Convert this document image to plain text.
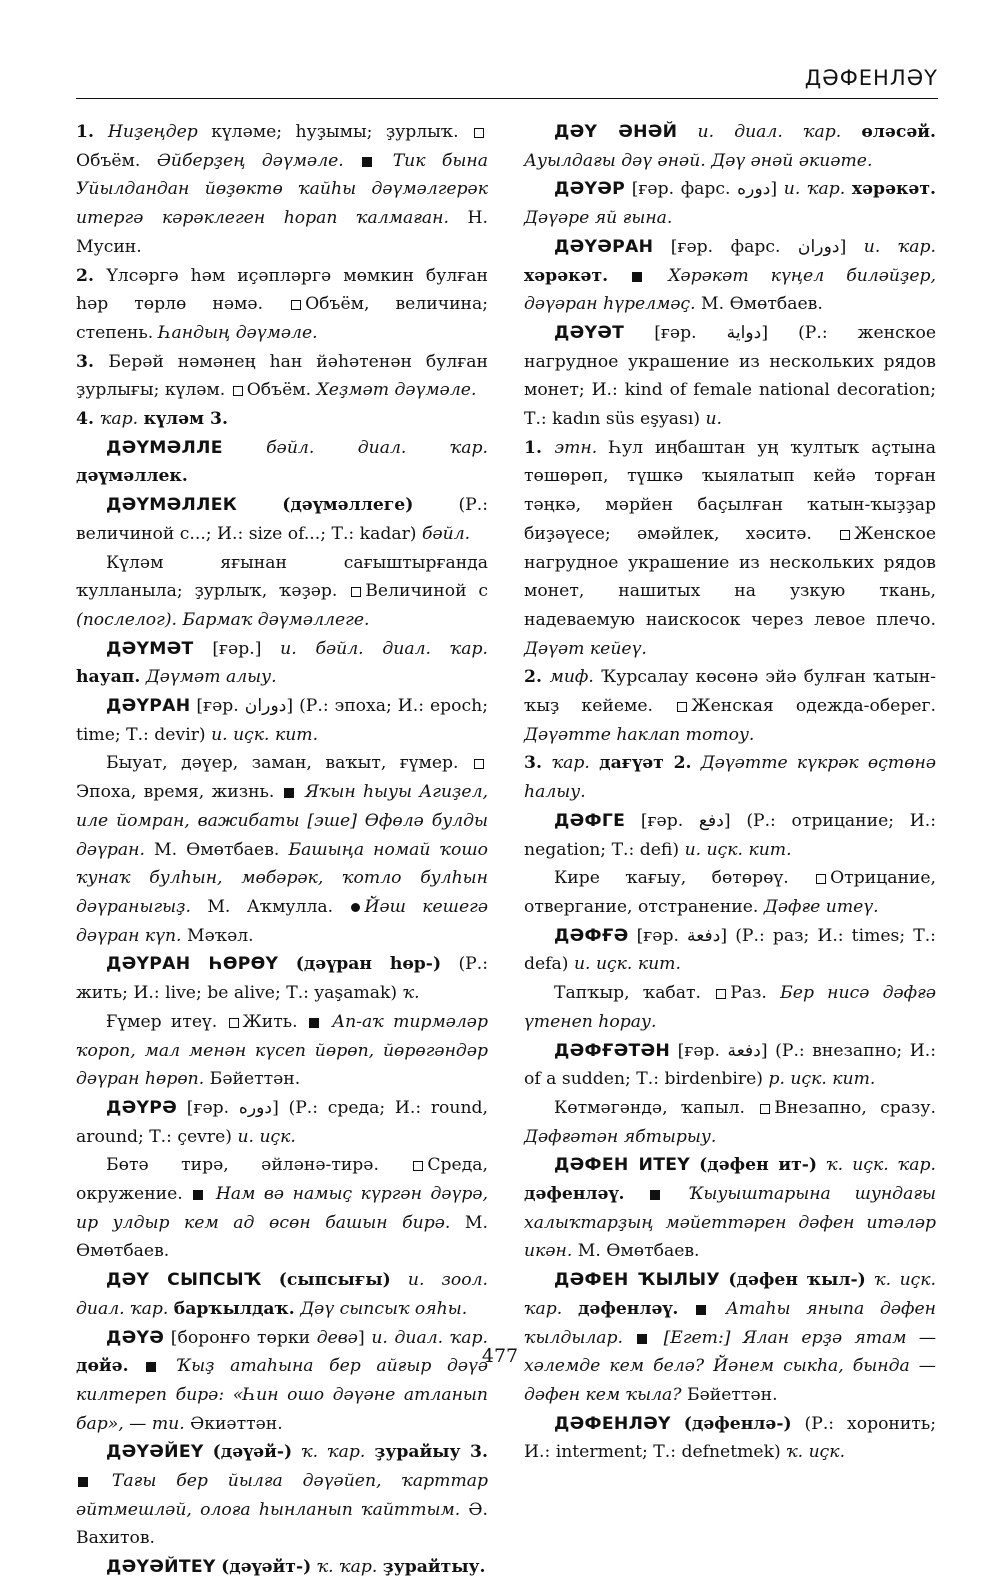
ДӘФЕНЛӘҮ

1. Ниҙеңдер күләме; һуҙымы; ҙурлыҡ. Объём. Әйберҙең дәүмәле.	Тик бына Уйылдандан йөҙөктө ҡайһы дәүмәлгерәк итергә кәрәклеген һорап ҡалмаған. Н. Мусин.

2. Үлсәргә һәм иҫәпләргә мөмкин булған һәр төрлө нәмә. Объём, величина; степень. Һандың дәүмәле.

3. Берәй нәмәнең һан йәһәтенән булған ҙурлығы; күләм. Объём. Хеҙмәт дәүмәле.

4. ҡар. күләм 3.

ДӘҮМӘЛЛЕ	бәйл. диал. ҡар. дәүмәллек.

ДӘҮМӘЛЛЕК	(дәүмәллеге) (Р.: величиной с...; И.: size of...; Т.: kadar) бәйл.

Күләм яғынан сағыштырғанда ҡулланыла; ҙурлыҡ, ҡәҙәр. Величиной с (послелог). Бармаҡ дәүмәллеге.

ДӘҮМӘТ [ғәр.] и. бәйл. диал. ҡар. һауап. Дәүмәт алыу.

ДӘҮРАН [ғәр. دوران] (Р.: эпоха; И.: epoch; time; Т.: devir) и. иҫк. кит.

Быуат, дәүер, заман, ваҡыт, ғүмер. Эпоха, время, жизнь.  Яҡын һыуы Агиҙел, иле йомран, важибаты [эше] Өфөлә булды дәүран. М. Өмөтбаев. Башыңа номай ҡошо ҡунаҡ булһын, мөбәрәк, ҡотло булһын дәүраныгыҙ. М. Аҡмулла. Йәш кешегә дәүран күп. Мәҡәл.

ДӘҮРАН ҺӨРӨҮ (дәүран һөр-) (Р.: жить; И.: live; be alive; Т.: yaşamak) ҡ.

Ғүмер итеү. Жить.  Ап-аҡ тирмәләр ҡороп, мал менән күсеп йөрөп, йөрөгәндәр дәүран һөрөп. Бәйеттән.

ДӘҮРӘ [ғәр. دوره] (Р.: среда; И.: round, around; Т.: çevre) и. иҫк.

Бөтә тирә, әйләнә-тирә. Среда, окружение.  Нам вә намыҫ күргән дәүрә, ир улдыр кем ад өсөн башын бирә. М. Өмөтбаев.

ДӘҮ СЫПСЫҠ (сыпсығы) и. зоол. диал. ҡар. барҡылдаҡ. Дәү сыпсыҡ ояһы.

ДӘҮӘ [боронғо төрки девә] и. диал. ҡар. дөйә.	Ҡыҙ атаһына бер айғыр дәүә килтереп бирә: «Һин ошо дәүәне атланып бар», — ти. Әкиәттән.

ДӘҮӘЙЕҮ (дәүәй-) ҡ. ҡар. ҙурайыу 3.  Тағы бер йылға дәүәйеп, ҡарттар әйтмешләй, олоға һынланып ҡайттым. Ә. Вахитов.

ДӘҮӘЙТЕҮ (дәүәйт-) ҡ. ҡар. ҙурайтыу.

ДӘҮ ӘНӘЙ и. диал. ҡар. өләсәй. Ауылдағы дәү әнәй. Дәү әнәй әкиәте.

ДӘҮӘР [ғәр. фарс. دوره] и. ҡар. хәрәкәт. Дәүәре яй ғына.

ДӘҮӘРАН [ғәр. фарс. دوران] и. ҡар. хәрәкәт.	Хәрәкәт күңел биләйҙер, дәүәран һүрелмәҫ. М. Өмөтбаев.

ДӘҮӘТ [ғәр. دواية] (Р.: женское нагрудное украшение из нескольких рядов монет; И.: kind of female national decoration; Т.: kadın süs eşyası) и.

1. этн. Һул иңбаштан уң ҡултыҡ аҫтына төшөрөп, түшкә ҡыялатып кейә торған тәңкә, мәрйен баҫылған ҡатын-ҡыҙҙар биҙәүесе; әмәйлек, хәситә. Женское нагрудное украшение из нескольких рядов монет, нашитых на узкую ткань, надеваемую наискосок через левое плечо. Дәүәт кейеү.

2. миф. Ҡурсалау көсөнә эйә булған ҡатын-ҡыҙ кейеме. Женская одежда-оберег. Дәүәтте һаклап тотоу.

3. ҡар. дағүәт 2. Дәүәтте күкрәк өҫтөнә һалыу.

ДӘФГЕ [ғәр. دفع] (Р.: отрицание; И.: negation; Т.: defi) и. иҫк. кит.

Кире ҡағыу, бөтөрөү. Отрицание, отвергание, отстранение. Дәфғе итеү.

ДӘФҒӘ [ғәр. دفعة] (Р.: раз; И.: times; Т.: defa) и. иҫк. кит.

Тапҡыр, ҡабат. Раз. Бер нисә дәфғә үтенеп һорау.

ДӘФҒӘТӘН [ғәр. دفعة] (Р.: внезапно; И.: of a sudden; Т.: birdenbire) р. иҫк. кит.

Көтмәгәндә, ҡапыл. Внезапно, сразу. Дәфғәтән ябтырыу.

ДӘФЕН ИТЕҮ (дәфен ит-) ҡ. иҫк. ҡар. дәфенләү.	Ҡыуыштарына шундағы халыҡтарҙың мәйеттәрен дәфен итәләр икән. М. Өмөтбаев.

ДӘФЕН ҠЫЛЫУ (дәфен ҡыл-) ҡ. иҫк. ҡар. дәфенләү.	Атаһы яныпа дәфен ҡылдылар. [Егет:] Ялан ерҙә ятам — хәлемде кем белә? Йәнем сыкһа, бында — дәфен кем ҡыла? Бәйеттән.

ДӘФЕНЛӘҮ (дәфенлә-) (Р.: хоронить; И.: interment; Т.: defnetmek) ҡ. иҫк.

477
